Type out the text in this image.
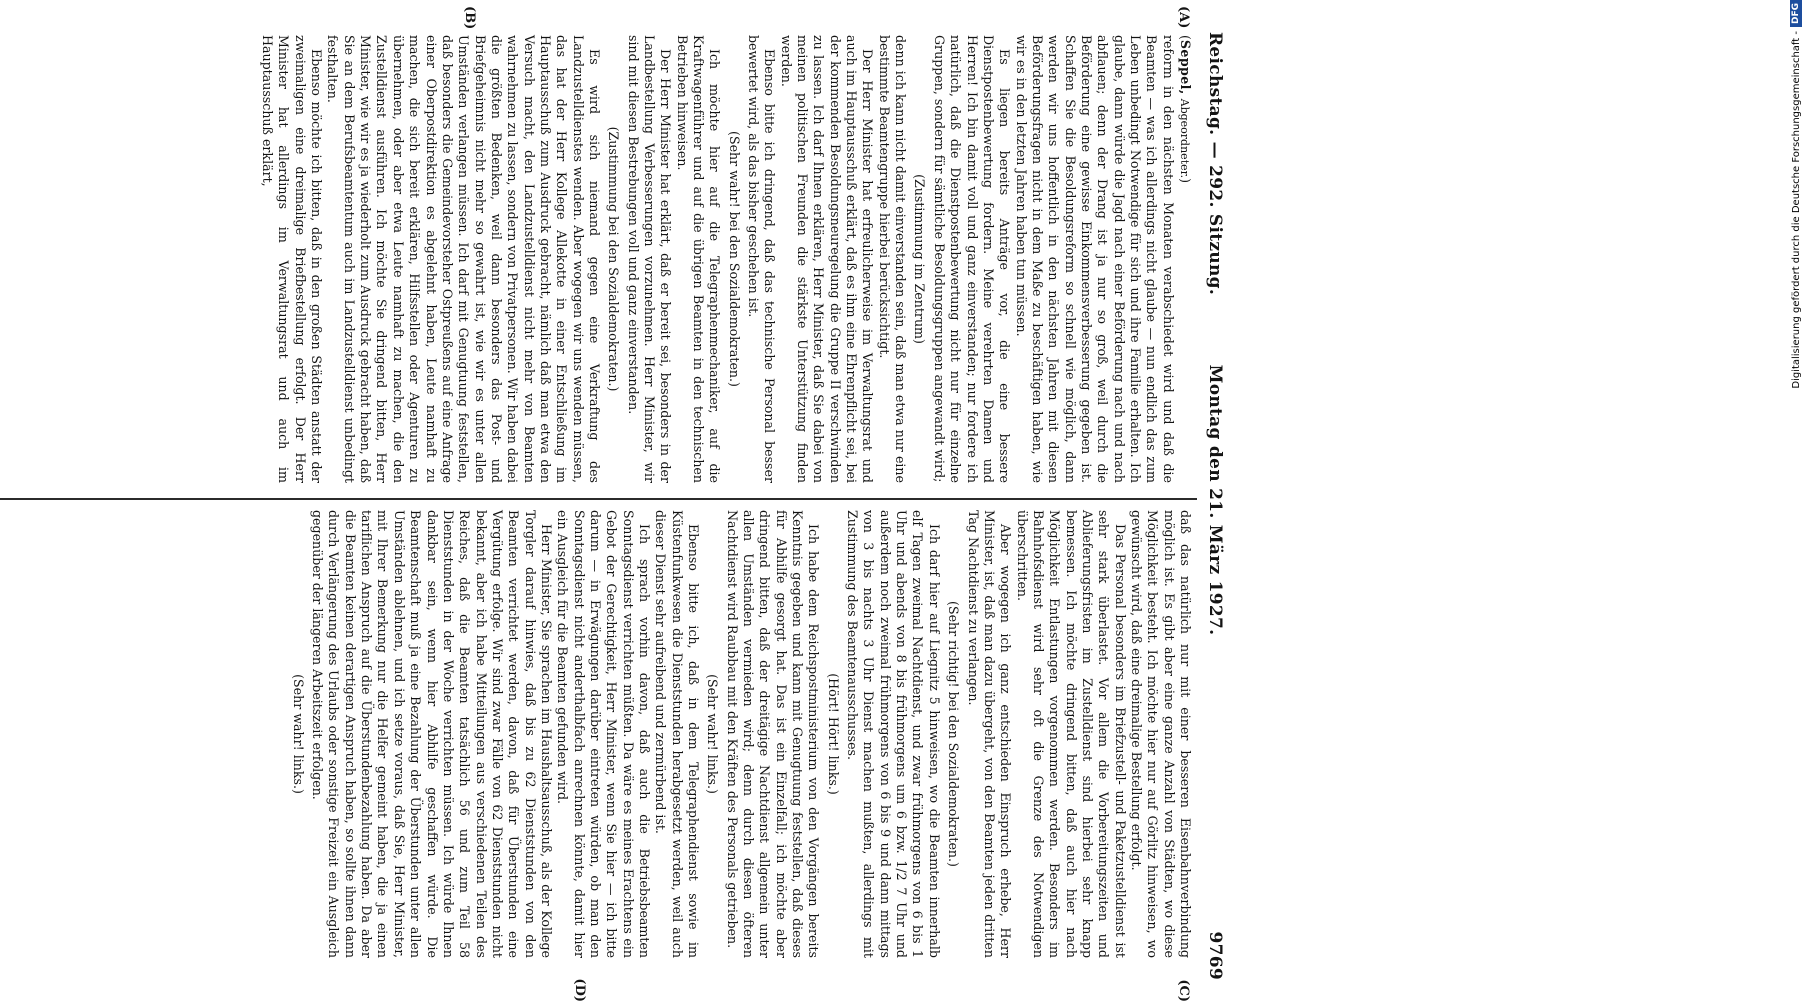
Reichstag. — 292. Sitzung.
Montag den 21. März 1927.
9769
(A)
(B)
(C)
(D)

(Seppel, Abgeordneter.)

reform in den nächsten Monaten verabschiedet wird und daß die Beamten — was ich allerdings nicht glaube — nun endlich das zum Leben unbedingt Notwendige für sich und ihre Familie erhalten. Ich glaube, dann würde die Jagd nach einer Beförderung nach und nach abflauen; denn der Drang ist ja nur so groß, weil durch die Beförderung eine gewisse Einkommensverbesserung gegeben ist. Schaffen Sie die Besoldungsreform so schnell wie möglich, dann werden wir uns hoffentlich in den nächsten Jahren mit diesen Beförderungsfragen nicht in dem Maße zu beschäftigen haben, wie wir es in den letzten Jahren haben tun müssen.

Es liegen bereits Anträge vor, die eine bessere Dienstpostenbewertung fordern. Meine verehrten Damen und Herren! Ich bin damit voll und ganz einverstanden; nur fordere ich natürlich, daß die Dienstpostenbewertung nicht nur für einzelne Gruppen, sondern für sämtliche Besoldungsgruppen angewandt wird;

(Zustimmung im Zentrum)

denn ich kann nicht damit einverstanden sein, daß man etwa nur eine bestimmte Beamtengruppe hierbei berücksichtigt.

Der Herr Minister hat erfreulicherweise im Verwaltungsrat und auch im Hauptausschuß erklärt, daß es ihm eine Ehrenpflicht sei, bei der kommenden Besoldungsneuregelung die Gruppe II verschwinden zu lassen. Ich darf Ihnen erklären, Herr Minister, daß Sie dabei von meinen politischen Freunden die stärkste Unterstützung finden werden.

Ebenso bitte ich dringend, daß das technische Personal besser bewertet wird, als das bisher geschehen ist.

(Sehr wahr! bei den Sozialdemokraten.)

Ich möchte hier auf die Telegraphenmechaniker, auf die Kraftwagenführer und auf die übrigen Beamten in den technischen Betrieben hinweisen.

Der Herr Minister hat erklärt, daß er bereit sei, besonders in der Landbestellung Verbesserungen vorzunehmen. Herr Minister, wir sind mit diesen Bestrebungen voll und ganz einverstanden.

(Zustimmung bei den Sozialdemokraten.)

Es wird sich niemand gegen eine Verkraftung des Landzustelldienstes wenden. Aber wogegen wir uns wenden müssen, das hat der Herr Kollege Allekotte in einer Entschließung im Hauptausschuß zum Ausdruck gebracht, nämlich daß man etwa den Versuch macht, den Landzustelldienst nicht mehr von Beamten wahrnehmen zu lassen, sondern von Privatpersonen. Wir haben dabei die größten Bedenken, weil dann besonders das Post- und Briefgeheimnis nicht mehr so gewahrt ist, wie wir es unter allen Umständen verlangen müssen. Ich darf mit Genugtuung feststellen, daß besonders die Gemeindevorsteher Ostpreußens auf eine Anfrage einer Oberpostdirektion es abgelehnt haben, Leute namhaft zu machen, die sich bereit erklären, Hilfsstellen oder Agenturen zu übernehmen, oder aber etwa Leute namhaft zu machen, die den Zustelldienst ausführen. Ich möchte Sie dringend bitten, Herr Minister, wie wir es ja wiederholt zum Ausdruck gebracht haben, daß Sie an dem Berufsbeamtentum auch im Landzustelldienst unbedingt festhalten.

Ebenso möchte ich bitten, daß in den großen Städten anstatt der zweimaligen eine dreimalige Briefbestellung erfolgt. Der Herr Minister hat allerdings im Verwaltungsrat und auch im Hauptausschuß erklärt,

daß das natürlich nur mit einer besseren Eisenbahnverbindung möglich ist. Es gibt aber eine ganze Anzahl von Städten, wo diese Möglichkeit besteht. Ich möchte hier nur auf Görlitz hinweisen, wo gewünscht wird, daß eine dreimalige Bestellung erfolgt.

Das Personal besonders im Briefzustell- und Paketzustelldienst ist sehr stark überlastet. Vor allem die Vorbereitungszeiten und Ablieferungsfristen im Zustelldienst sind hierbei sehr knapp bemessen. Ich möchte dringend bitten, daß auch hier nach Möglichkeit Entlastungen vorgenommen werden. Besonders im Bahnhofsdienst wird sehr oft die Grenze des Notwendigen überschritten.

Aber wogegen ich ganz entschieden Einspruch erhebe, Herr Minister, ist, daß man dazu übergeht, von den Beamten jeden dritten Tag Nachtdienst zu verlangen.

(Sehr richtig! bei den Sozialdemokraten.)

Ich darf hier auf Liegnitz 5 hinweisen, wo die Beamten innerhalb elf Tagen zweimal Nachtdienst, und zwar frühmorgens von 6 bis 1 Uhr und abends von 8 bis frühmorgens um 6 bzw. 1/2 7 Uhr und außerdem noch zweimal frühmorgens von 6 bis 9 und dann mittags von 3 bis nachts 3 Uhr Dienst machen mußten, allerdings mit Zustimmung des Beamtenausschusses.

(Hört! Hört! links.)

Ich habe dem Reichspostministerium von den Vorgängen bereits Kenntnis gegeben und kann mit Genugtuung feststellen, daß dieses für Abhilfe gesorgt hat. Das ist ein Einzelfall; ich möchte aber dringend bitten, daß der dreitägige Nachtdienst allgemein unter allen Umständen vermieden wird; denn durch diesen öfteren Nachtdienst wird Raubbau mit den Kräften des Personals getrieben.

(Sehr wahr! links.)

Ebenso bitte ich, daß in dem Telegraphendienst sowie im Küstenfunkwesen die Dienststunden herabgesetzt werden, weil auch dieser Dienst sehr aufreibend und zermürbend ist.

Ich sprach vorhin davon, daß auch die Betriebsbeamten Sonntagsdienst verrichten müßten. Da wäre es meines Erachtens ein Gebot der Gerechtigkeit, Herr Minister, wenn Sie hier — ich bitte darum — in Erwägungen darüber eintreten würden, ob man den Sonntagsdienst nicht anderthalbfach anrechnen könnte, damit hier ein Ausgleich für die Beamten gefunden wird.

Herr Minister, Sie sprachen im Haushaltsausschuß, als der Kollege Torgler darauf hinwies, daß bis zu 62 Dienststunden von den Beamten verrichtet werden, davon, daß für Überstunden eine Vergütung erfolge. Wir sind zwar Fälle von 62 Dienststunden nicht bekannt, aber ich habe Mitteilungen aus verschiedenen Teilen des Reiches, daß die Beamten tatsächlich 56 und zum Teil 58 Dienststunden in der Woche verrichten müssen. Ich würde Ihnen dankbar sein, wenn hier Abhilfe geschaffen würde. Die Beamtenschaft muß ja eine Bezahlung der Überstunden unter allen Umständen ablehnen, und ich setze voraus, daß Sie, Herr Minister, mit Ihrer Bemerkung nur die Helfer gemeint haben, die ja einen tariflichen Anspruch auf die Überstundenbezahlung haben. Da aber die Beamten keinen derartigen Anspruch haben, so sollte ihnen dann durch Verlängerung des Urlaubs oder sonstige Freizeit ein Ausgleich gegenüber der längeren Arbeitszeit erfolgen.

(Sehr wahr! links.)

Digitalisierung gefördert durch die Deutsche Forschungsgemeinschaft -
DFG
